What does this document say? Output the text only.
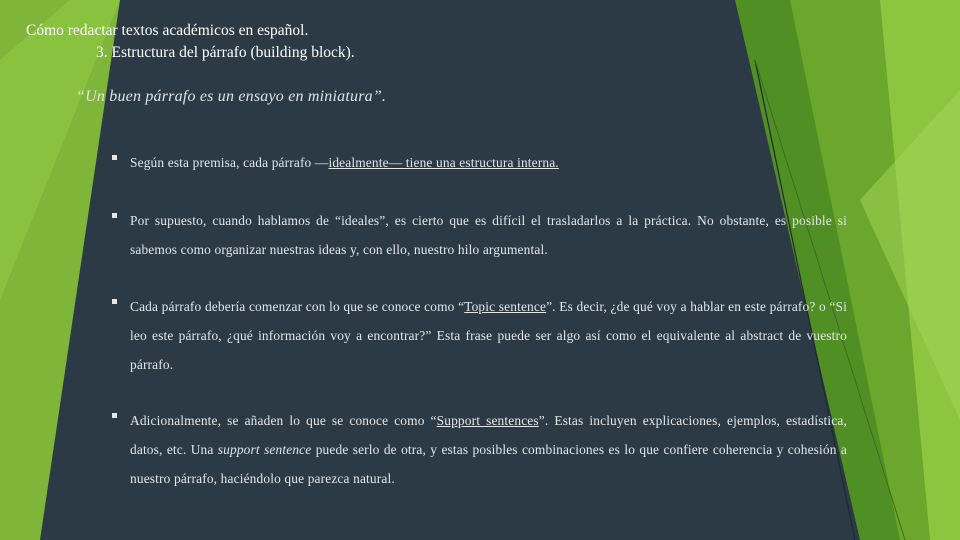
Cómo redactar textos académicos en español.
3. Estructura del párrafo (building block).
“Un buen párrafo es un ensayo en miniatura”.
Según esta premisa, cada párrafo —idealmente— tiene una estructura interna.
Por supuesto, cuando hablamos de “ideales”, es cierto que es difícil el trasladarlos a la práctica. No obstante, es posible si sabemos como organizar nuestras ideas y, con ello, nuestro hilo argumental.
Cada párrafo debería comenzar con lo que se conoce como “Topic sentence”. Es decir, ¿de qué voy a hablar en este párrafo? o “Si leo este párrafo, ¿qué información voy a encontrar?” Esta frase puede ser algo así como el equivalente al abstract de vuestro párrafo.
Adicionalmente, se añaden lo que se conoce como “Support sentences”. Estas incluyen explicaciones, ejemplos, estadística, datos, etc. Una support sentence puede serlo de otra, y estas posibles combinaciones es lo que confiere coherencia y cohesión a nuestro párrafo, haciéndolo que parezca natural.
